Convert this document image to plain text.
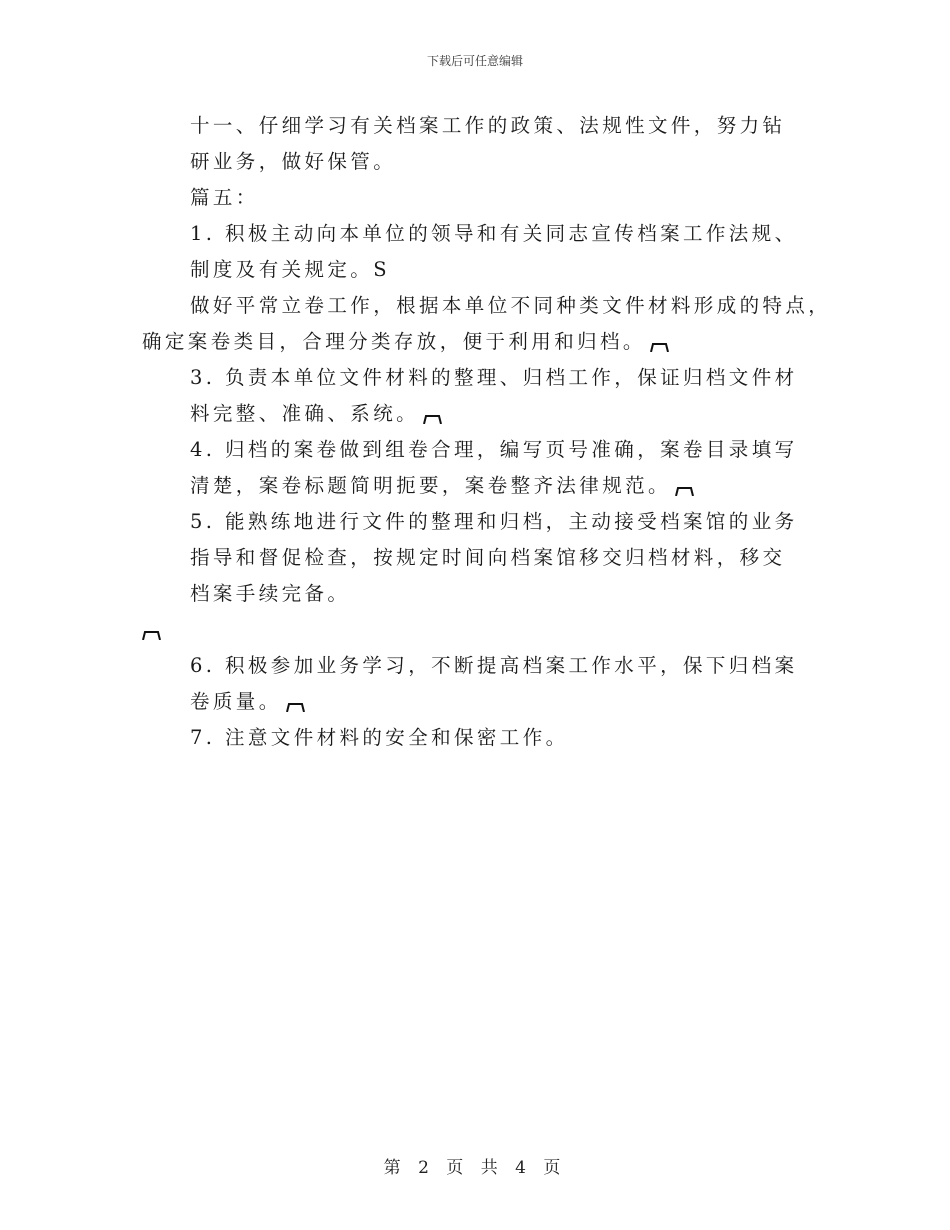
下载后可任意编辑

十一、仔细学习有关档案工作的政策、法规性文件，努力钻研业务，做好保管。

篇五：

1. 积极主动向本单位的领导和有关同志宣传档案工作法规、制度及有关规定。S

做好平常立卷工作，根据本单位不同种类文件材料形成的特点，

确定案卷类目，合理分类存放，便于利用和归档。

3. 负责本单位文件材料的整理、归档工作，保证归档文件材料完整、准确、系统。

4. 归档的案卷做到组卷合理，编写页号准确，案卷目录填写清楚，案卷标题简明扼要，案卷整齐法律规范。

5. 能熟练地进行文件的整理和归档，主动接受档案馆的业务指导和督促检查，按规定时间向档案馆移交归档材料，移交档案手续完备。

6. 积极参加业务学习，不断提高档案工作水平，保下归档案卷质量。

7. 注意文件材料的安全和保密工作。

第 2 页 共 4 页
